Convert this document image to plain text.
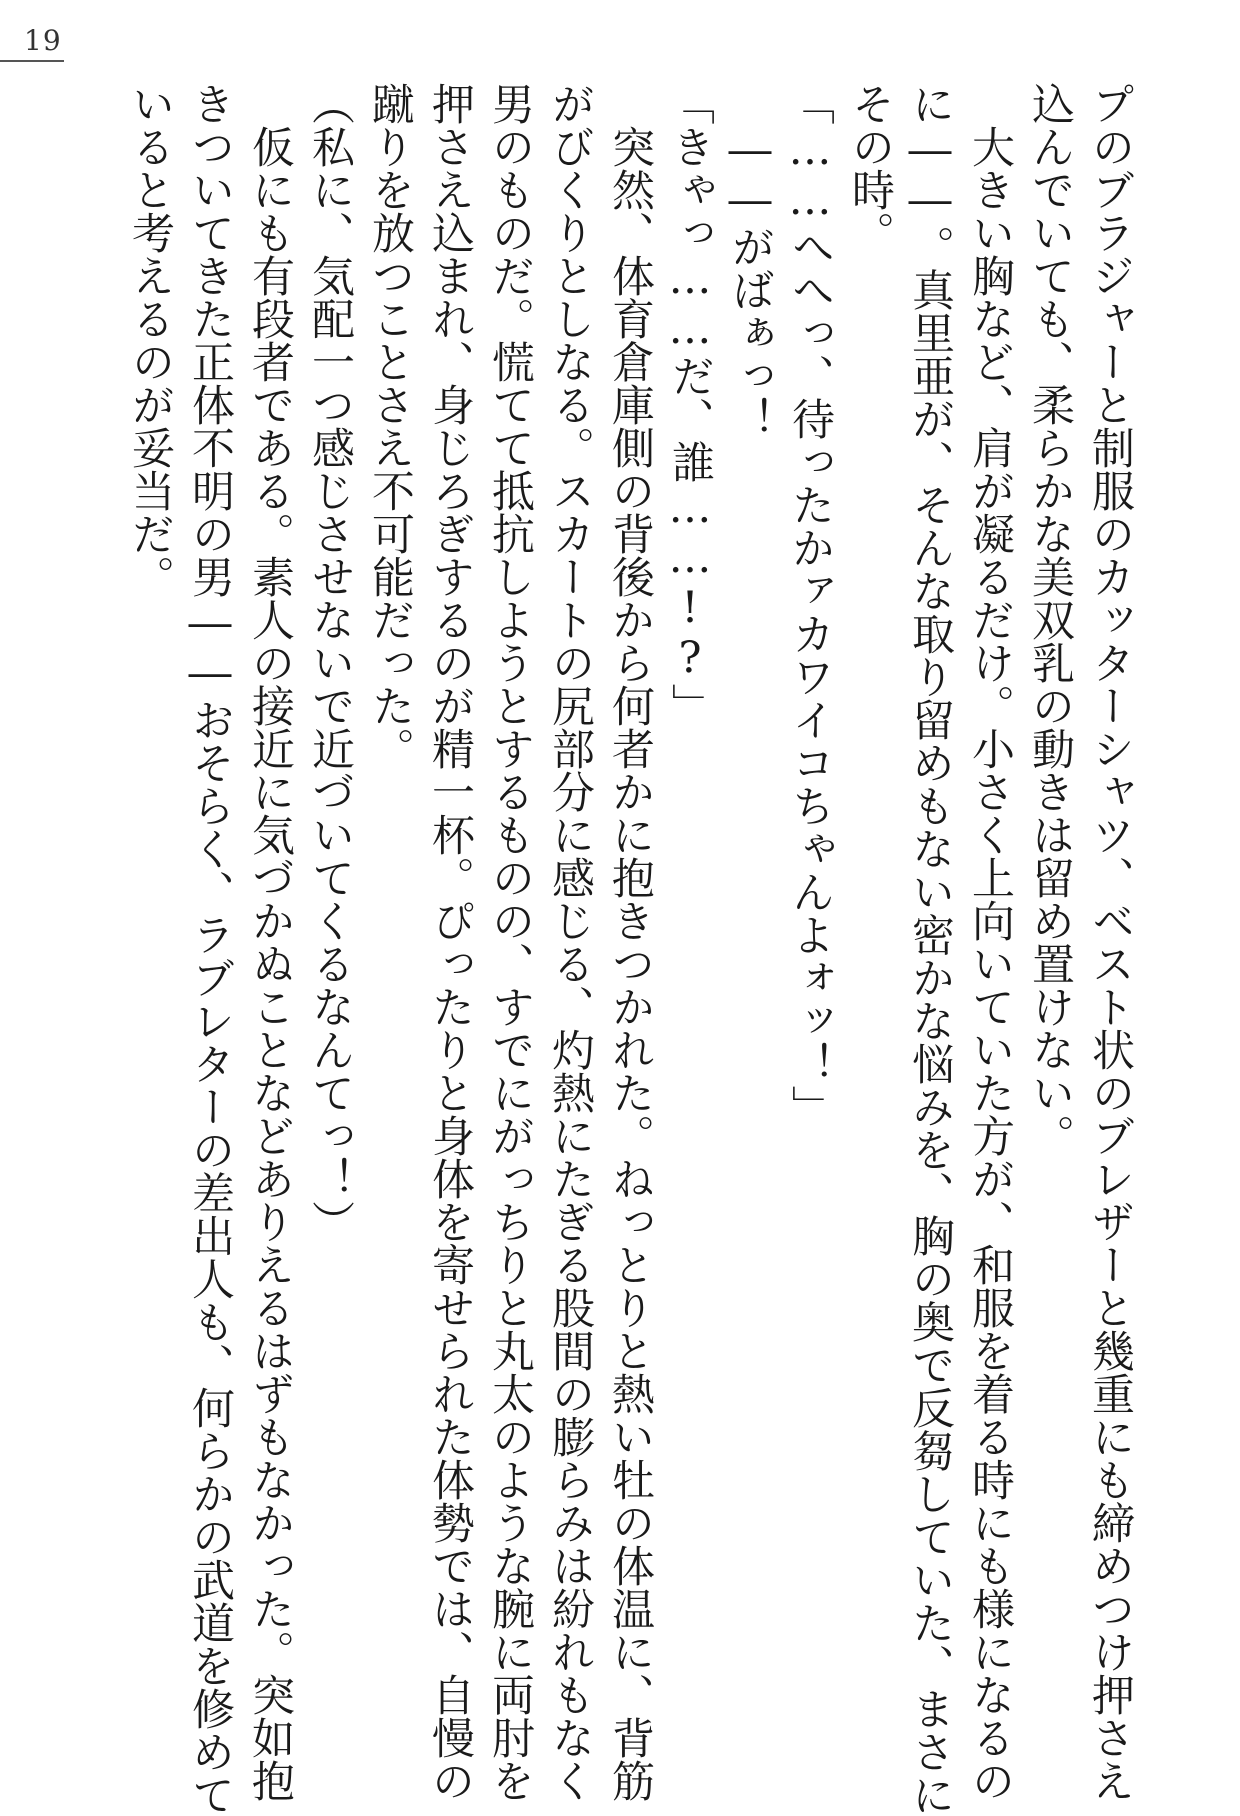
19
プのブラジャーと制服のカッターシャツ、ベスト状のブレザーと幾重にも締めつけ押さえ
込んでいても、柔らかな美双乳の動きは留め置けない。
　大きい胸など、肩が凝るだけ。小さく上向いていた方が、和服を着る時にも様になるの
に――。真里亜が、そんな取り留めもない密かな悩みを、胸の奥で反芻していた、まさに
その時。
「……へへっ、待ったかァカワイコちゃんよォッ！」
　――がばぁっ！
「きゃっ……だ、誰……!?」
　突然、体育倉庫側の背後から何者かに抱きつかれた。ねっとりと熱い牡の体温に、背筋
がびくりとしなる。スカートの尻部分に感じる、灼熱にたぎる股間の膨らみは紛れもなく
男のものだ。慌てて抵抗しようとするものの、すでにがっちりと丸太のような腕に両肘を
押さえ込まれ、身じろぎするのが精一杯。ぴったりと身体を寄せられた体勢では、自慢の
蹴りを放つことさえ不可能だった。
（私に、気配一つ感じさせないで近づいてくるなんてっ！）
　仮にも有段者である。素人の接近に気づかぬことなどありえるはずもなかった。突如抱
きついてきた正体不明の男――おそらく、ラブレターの差出人も、何らかの武道を修めて
いると考えるのが妥当だ。
